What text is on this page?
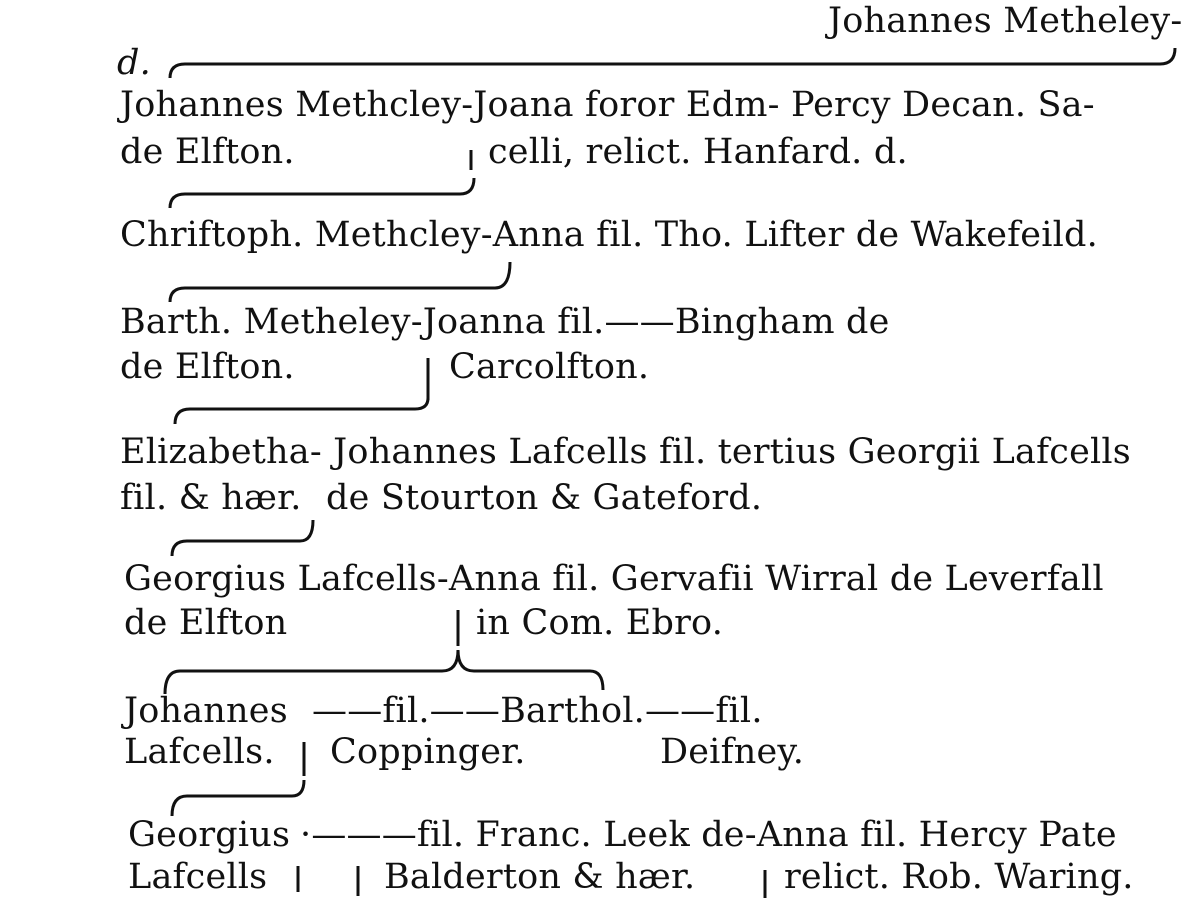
Johannes Metheley-
d.
Johannes Methcley-Joana foror Edm- Percy Decan. Sa-
de Elfton.	celli, relict. Hanfard. d.
Chriftoph. Methcley-Anna fil. Tho. Lifter de Wakefeild.
Barth. Metheley-Joanna fil.——Bingham de
de Elfton.	Carcolfton.
Elizabetha- Johannes Lafcells fil. tertius Georgii Lafcells
fil. & hær. de Stourton & Gateford.
Georgius Lafcells-Anna fil. Gervafii Wirral de Leverfall
de Elfton	in Com. Ebro.
Johannes ——fil.——Barthol.——fil.
Lafcells. Coppinger.	Deifney.
Georgius ·———fil. Franc. Leek de-Anna fil. Hercy Pate
Lafcells	Balderton & hær.	relict. Rob. Waring.
